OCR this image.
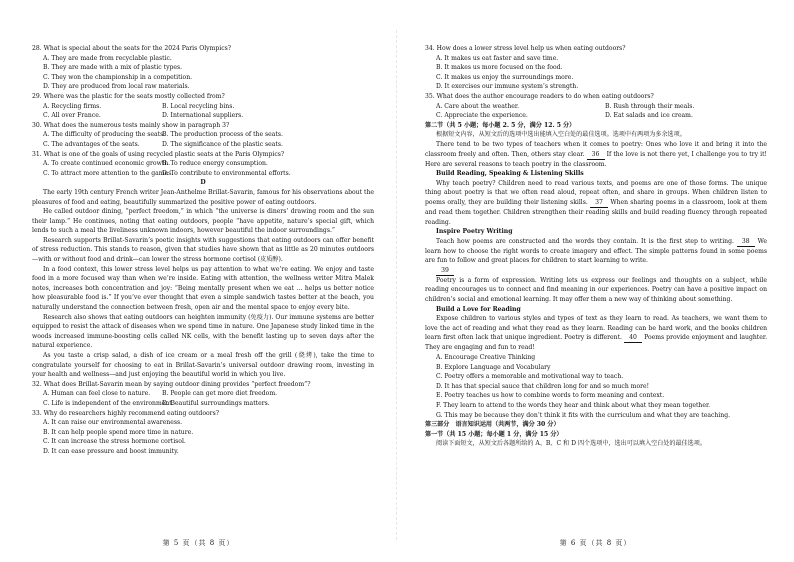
28. What is special about the seats for the 2024 Paris Olympics?
A. They are made from recyclable plastic.
B. They are made with a mix of plastic types.
C. They won the championship in a competition.
D. They are produced from local raw materials.
29. Where was the plastic for the seats mostly collected from?
A. Recycling firms.	B. Local recycling bins.
C. All over France.	D. International suppliers.
30. What does the numerous tests mainly show in paragraph 3?
A. The difficulty of producing the seats.
B. The production process of the seats.
C. The advantages of the seats.	D. The significance of the plastic seats.
31. What is one of the goals of using recycled plastic seats at the Paris Olympics?
A. To create continued economic growth.
B. To reduce energy consumption.
C. To attract more attention to the games.
D. To contribute to environmental efforts.
D
The early 19th century French writer Jean-Anthelme Brillat-Savarin, famous for his observations about the pleasures of food and eating, beautifully summarized the positive power of eating outdoors.
He called outdoor dining, “perfect freedom,” in which “the universe is diners’ drawing room and the sun their lamp.” He continues, noting that eating outdoors, people “have appetite, nature’s special gift, which lends to such a meal the liveliness unknown indoors, however beautiful the indoor surroundings.”
Research supports Brillat-Savarin’s poetic insights with suggestions that eating outdoors can offer benefit of stress reduction. This stands to reason, given that studies have shown that as little as 20 minutes outdoors—with or without food and drink—can lower the stress hormone cortisol (皮质醇).
In a food context, this lower stress level helps us pay attention to what we’re eating. We enjoy and taste food in a more focused way than when we’re inside. Eating with attention, the wellness writer Mitra Malek notes, increases both concentration and joy: “Being mentally present when we eat ... helps us better notice how pleasurable food is.” If you’ve ever thought that even a simple sandwich tastes better at the beach, you naturally understand the connection between fresh, open air and the mental space to enjoy every bite.
Research also shows that eating outdoors can heighten immunity (免疫力). Our immune systems are better equipped to resist the attack of diseases when we spend time in nature. One Japanese study linked time in the woods increased immune-boosting cells called NK cells, with the benefit lasting up to seven days after the natural experience.
As you taste a crisp salad, a dish of ice cream or a meal fresh off the grill (烧烤), take the time to congratulate yourself for choosing to eat in Brillat-Savarin’s universal outdoor drawing room, investing in your health and wellness—and just enjoying the beautiful world in which you live.
32. What does Brillat-Savarin mean by saying outdoor dining provides “perfect freedom”?
A. Human can feel close to nature.	B. People can get more diet freedom.
C. Life is independent of the environment.
D. Beautiful surroundings matters.
33. Why do researchers highly recommend eating outdoors?
A. It can raise our environmental awareness.
B. It can help people spend more time in nature.
C. It can increase the stress hormone cortisol.
D. It can ease pressure and boost immunity.
第 5 页（共 8 页）
34. How does a lower stress level help us when eating outdoors?
A. It makes us eat faster and save time.
B. It makes us more focused on the food.
C. It makes us enjoy the surroundings more.
D. It exercises our immune system’s strength.
35. What does the author encourage readers to do when eating outdoors?
A. Care about the weather.	B. Rush through their meals.
C. Appreciate the experience.	D. Eat salads and ice cream.
第二节（共 5 小题；每小题 2. 5 分，满分 12. 5 分）
根据短文内容，从短文后的选项中选出能填入空白处的最佳选项。选项中有两项为多余选项。
There tend to be two types of teachers when it comes to poetry: Ones who love it and bring it into the classroom freely and often. Then, others stay clear. 36 If the love is not there yet, I challenge you to try it! Here are several reasons to teach poetry in the classroom.
Build Reading, Speaking & Listening Skills
Why teach poetry? Children need to read various texts, and poems are one of those forms. The unique thing about poetry is that we often read aloud, repeat often, and share in groups. When children listen to poems orally, they are building their listening skills. 37 When sharing poems in a classroom, look at them and read them together. Children strengthen their reading skills and build reading fluency through repeated reading.
Inspire Poetry Writing
Teach how poems are constructed and the words they contain. It is the first step to writing. 38 We learn how to choose the right words to create imagery and effect. The simple patterns found in some poems are fun to follow and great places for children to start learning to write.
39
Poetry is a form of expression. Writing lets us express our feelings and thoughts on a subject, while reading encourages us to connect and find meaning in our experiences. Poetry can have a positive impact on children’s social and emotional learning. It may offer them a new way of thinking about something.
Build a Love for Reading
Expose children to various styles and types of text as they learn to read. As teachers, we want them to love the act of reading and what they read as they learn. Reading can be hard work, and the books children learn first often lack that unique ingredient. Poetry is different. 40 Poems provide enjoyment and laughter. They are engaging and fun to read!
A. Encourage Creative Thinking
B. Explore Language and Vocabulary
C. Poetry offers a memorable and motivational way to teach.
D. It has that special sauce that children long for and so much more!
E. Poetry teaches us how to combine words to form meaning and context.
F. They learn to attend to the words they hear and think about what they mean together.
G. This may be because they don’t think it fits with the curriculum and what they are teaching.
第三部分　语言知识运用（共两节，满分 30 分）
第一节（共 15 小题；每小题 1 分，满分 15 分）
阅读下面短文，从短文后各题所给的 A、B、C 和 D 四个选项中，选出可以填入空白处的最佳选项。
第 6 页（共 8 页）
